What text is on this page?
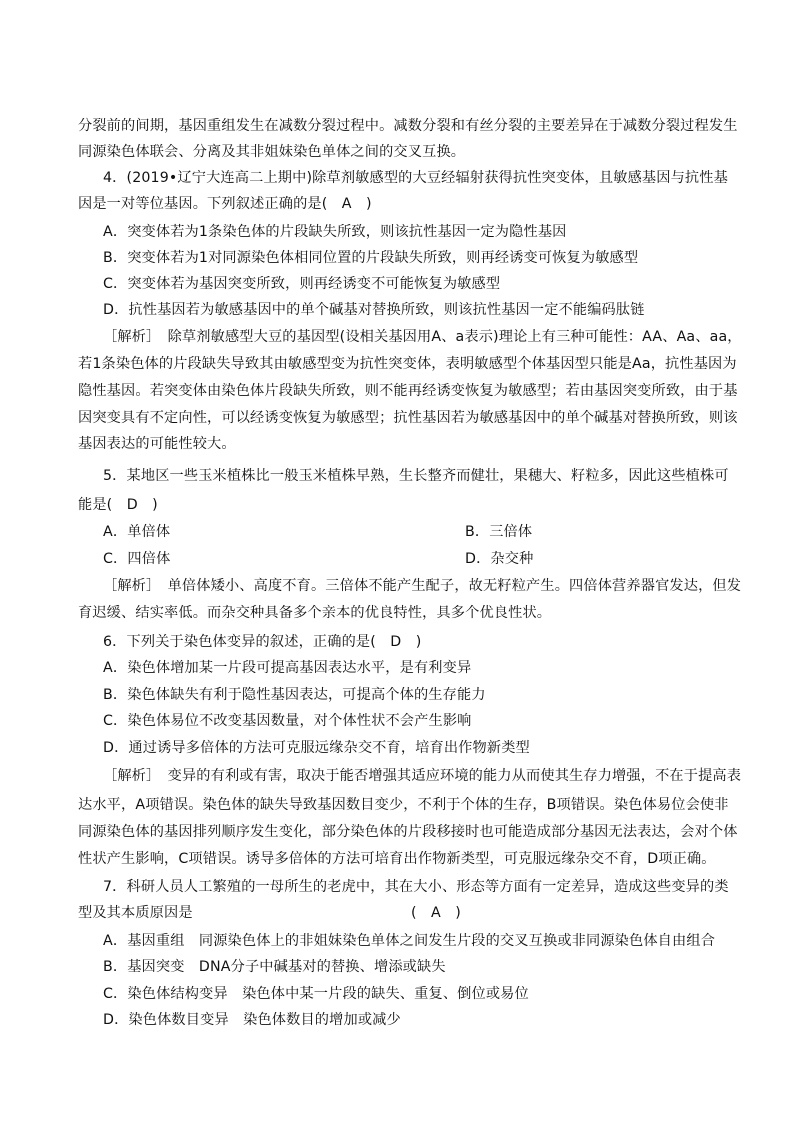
分裂前的间期，基因重组发生在减数分裂过程中。减数分裂和有丝分裂的主要差异在于减数分裂过程发生
同源染色体联会、分离及其非姐妹染色单体之间的交叉互换。
4．(2019•辽宁大连高二上期中)除草剂敏感型的大豆经辐射获得抗性突变体，且敏感基因与抗性基
因是一对等位基因。下列叙述正确的是(　A　)
A．突变体若为1条染色体的片段缺失所致，则该抗性基因一定为隐性基因
B．突变体若为1对同源染色体相同位置的片段缺失所致，则再经诱变可恢复为敏感型
C．突变体若为基因突变所致，则再经诱变不可能恢复为敏感型
D．抗性基因若为敏感基因中的单个碱基对替换所致，则该抗性基因一定不能编码肽链
［解析］　除草剂敏感型大豆的基因型(设相关基因用A、a表示)理论上有三种可能性：AA、Aa、aa，
若1条染色体的片段缺失导致其由敏感型变为抗性突变体，表明敏感型个体基因型只能是Aa，抗性基因为
隐性基因。若突变体由染色体片段缺失所致，则不能再经诱变恢复为敏感型；若由基因突变所致，由于基
因突变具有不定向性，可以经诱变恢复为敏感型；抗性基因若为敏感基因中的单个碱基对替换所致，则该
基因表达的可能性较大。
5．某地区一些玉米植株比一般玉米植株早熟，生长整齐而健壮，果穗大、籽粒多，因此这些植株可
能是(　D　)
A．单倍体	B．三倍体
C．四倍体	D．杂交种
［解析］　单倍体矮小、高度不育。三倍体不能产生配子，故无籽粒产生。四倍体营养器官发达，但发
育迟缓、结实率低。而杂交种具备多个亲本的优良特性，具多个优良性状。
6．下列关于染色体变异的叙述，正确的是(　D　)
A．染色体增加某一片段可提高基因表达水平，是有利变异
B．染色体缺失有利于隐性基因表达，可提高个体的生存能力
C．染色体易位不改变基因数量，对个体性状不会产生影响
D．通过诱导多倍体的方法可克服远缘杂交不育，培育出作物新类型
［解析］　变异的有利或有害，取决于能否增强其适应环境的能力从而使其生存力增强，不在于提高表
达水平，A项错误。染色体的缺失导致基因数目变少，不利于个体的生存，B项错误。染色体易位会使非
同源染色体的基因排列顺序发生变化，部分染色体的片段移接时也可能造成部分基因无法表达，会对个体
性状产生影响，C项错误。诱导多倍体的方法可培育出作物新类型，可克服远缘杂交不育，D项正确。
7．科研人员人工繁殖的一母所生的老虎中，其在大小、形态等方面有一定差异，造成这些变异的类
型及其本质原因是	(　A　)
A．基因重组　同源染色体上的非姐妹染色单体之间发生片段的交叉互换或非同源染色体自由组合
B．基因突变　DNA分子中碱基对的替换、增添或缺失
C．染色体结构变异　染色体中某一片段的缺失、重复、倒位或易位
D．染色体数目变异　染色体数目的增加或减少
